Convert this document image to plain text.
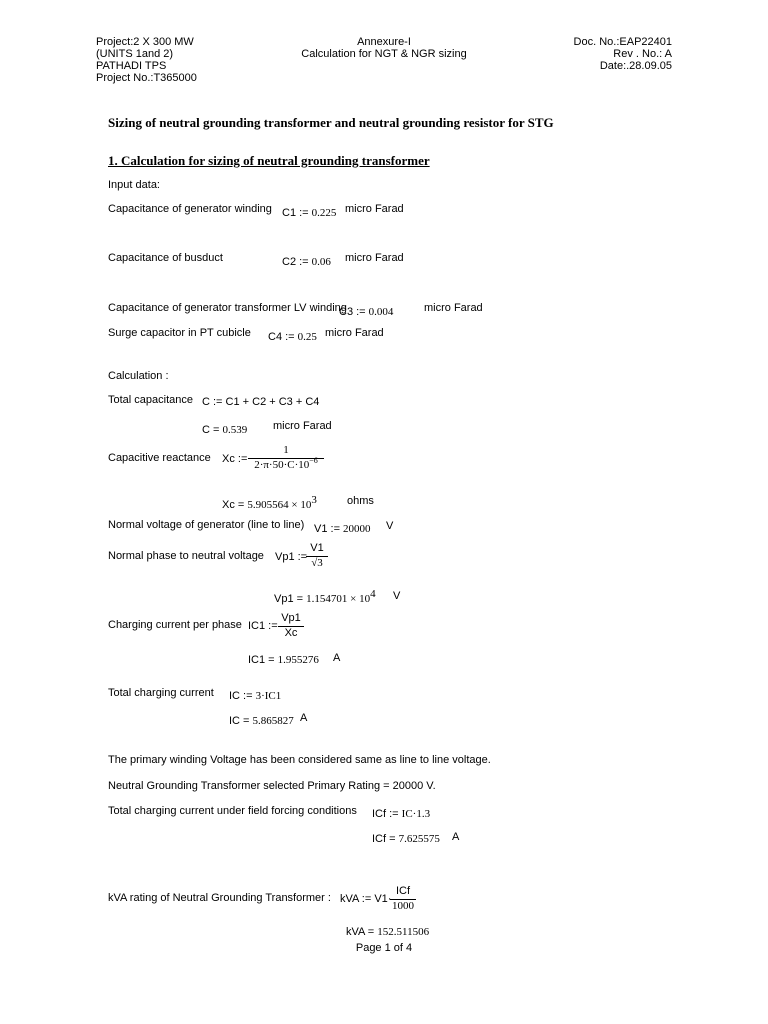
Project:2 X 300 MW
(UNITS 1and 2)
PATHADI TPS
Project No.:T365000
Annexure-I
Calculation for NGT & NGR sizing
Doc. No.:EAP22401
Rev . No.: A
Date:.28.09.05
Sizing of neutral grounding transformer and neutral grounding resistor for STG
1. Calculation for sizing of neutral grounding transformer
Input data:
Capacitance of generator winding C1 := 0.225 micro Farad
Capacitance of busduct	C2 := 0.06 micro Farad
Capacitance of generator transformer LV winding
C3 := 0.004	micro Farad
Surge capacitor in PT cubicle C4 := 0.25 micro Farad
Calculation :
Total capacitance C := C1 + C2 + C3 + C4
C = 0.539 micro Farad
Capacitive reactance Xc :=
1
$2\cdot\pi\cdot 50\cdot C\cdot 10^{-6}$
$Xc = 5.905564 \times 10^3$	ohms
Normal voltage of generator (line to line) V1 := 20000 V
Normal phase to neutral voltage Vp1 :=
V1
√3
$Vp1 = 1.154701 \times 10^4$ V
Charging current per phase IC1 :=
Vp1
Xc
IC1 = 1.955276 A
Total charging current IC := 3·IC1
IC = 5.865827 A
The primary winding Voltage has been considered same as line to line voltage.
Neutral Grounding Transformer selected Primary Rating = 20000 V.
Total charging current under field forcing conditions ICf := IC·1.3
ICf = 7.625575 A
kVA rating of Neutral Grounding Transformer : kVA := V1·
ICf
1000
kVA = 152.511506
Page 1 of 4
